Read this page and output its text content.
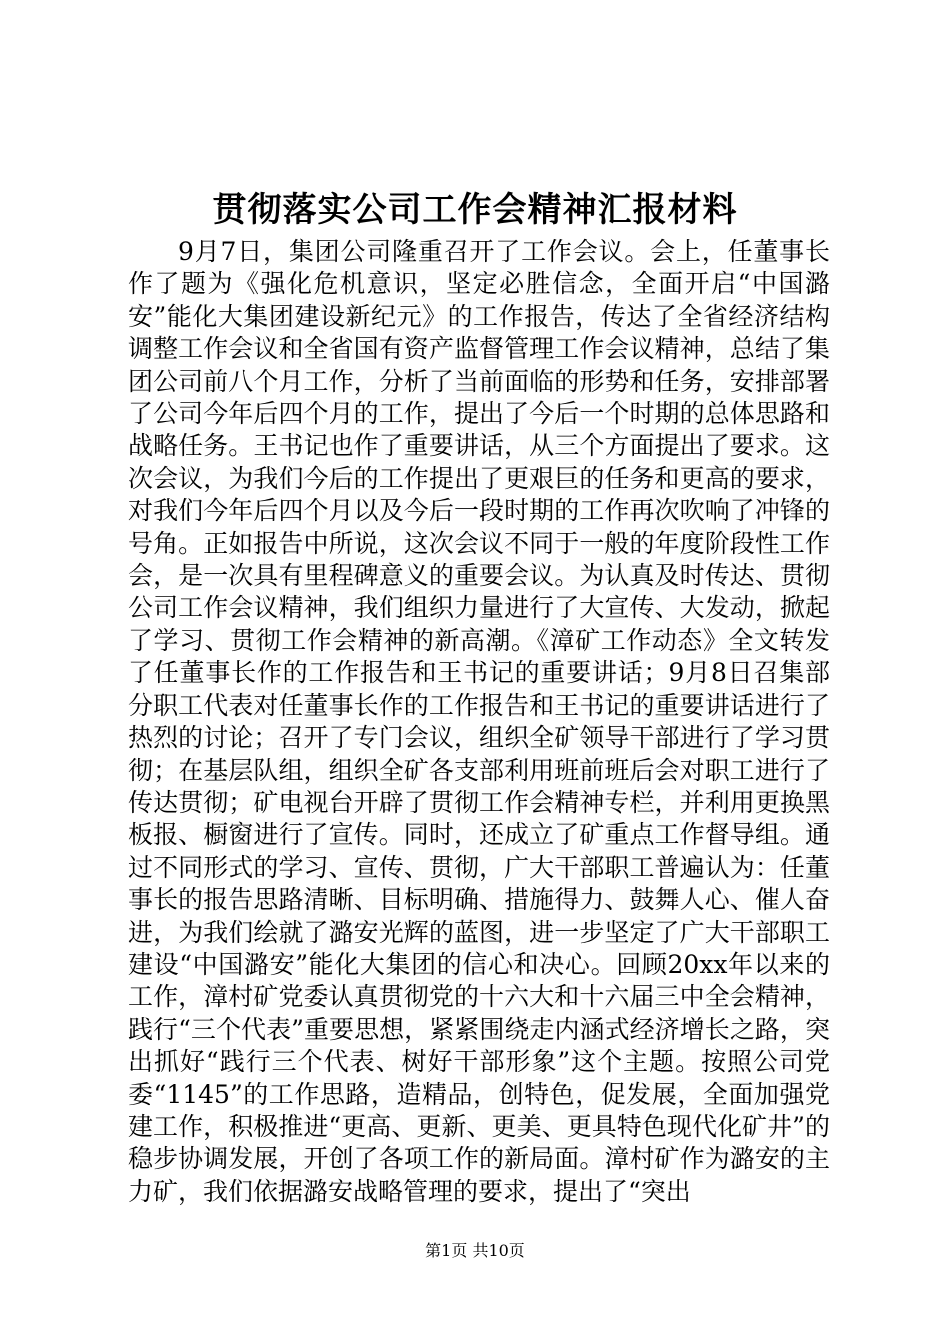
贯彻落实公司工作会精神汇报材料

9月7日，集团公司隆重召开了工作会议。会上，任董事长作了题为《强化危机意识，坚定必胜信念，全面开启“中国潞安”能化大集团建设新纪元》的工作报告，传达了全省经济结构调整工作会议和全省国有资产监督管理工作会议精神，总结了集团公司前八个月工作，分析了当前面临的形势和任务，安排部署了公司今年后四个月的工作，提出了今后一个时期的总体思路和战略任务。王书记也作了重要讲话，从三个方面提出了要求。这次会议，为我们今后的工作提出了更艰巨的任务和更高的要求，对我们今年后四个月以及今后一段时期的工作再次吹响了冲锋的号角。正如报告中所说，这次会议不同于一般的年度阶段性工作会，是一次具有里程碑意义的重要会议。为认真及时传达、贯彻公司工作会议精神，我们组织力量进行了大宣传、大发动，掀起了学习、贯彻工作会精神的新高潮。《漳矿工作动态》全文转发了任董事长作的工作报告和王书记的重要讲话；9月8日召集部分职工代表对任董事长作的工作报告和王书记的重要讲话进行了热烈的讨论；召开了专门会议，组织全矿领导干部进行了学习贯彻；在基层队组，组织全矿各支部利用班前班后会对职工进行了传达贯彻；矿电视台开辟了贯彻工作会精神专栏，并利用更换黑板报、橱窗进行了宣传。同时，还成立了矿重点工作督导组。通过不同形式的学习、宣传、贯彻，广大干部职工普遍认为：任董事长的报告思路清晰、目标明确、措施得力、鼓舞人心、催人奋进，为我们绘就了潞安光辉的蓝图，进一步坚定了广大干部职工建设“中国潞安”能化大集团的信心和决心。回顾20xx年以来的工作，漳村矿党委认真贯彻党的十六大和十六届三中全会精神，践行“三个代表”重要思想，紧紧围绕走内涵式经济增长之路，突出抓好“践行三个代表、树好干部形象”这个主题。按照公司党委“1145”的工作思路，造精品，创特色，促发展，全面加强党建工作，积极推进“更高、更新、更美、更具特色现代化矿井”的稳步协调发展，开创了各项工作的新局面。漳村矿作为潞安的主力矿，我们依据潞安战略管理的要求，提出了“突出

第1页 共10页
